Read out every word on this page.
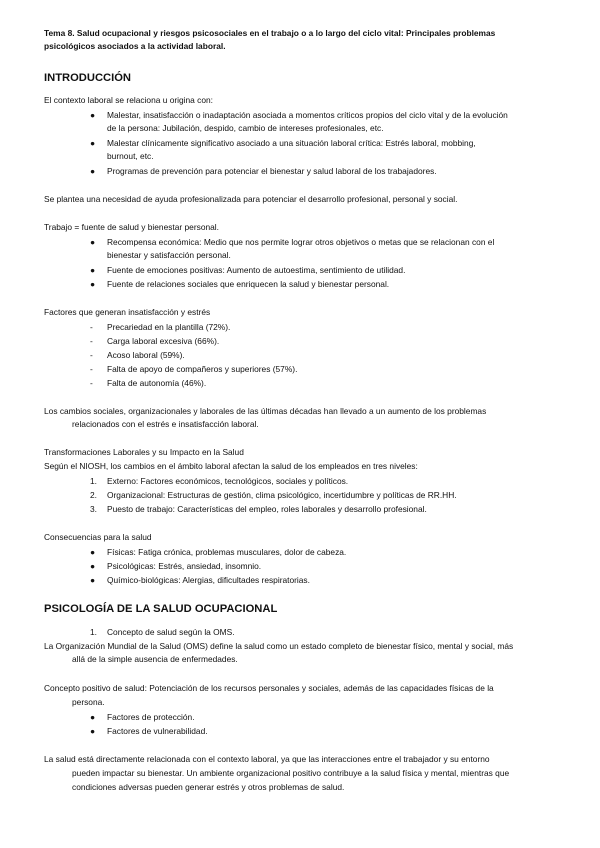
Tema 8. Salud ocupacional y riesgos psicosociales en el trabajo o a lo largo del ciclo vital: Principales problemas
psicológicos asociados a la actividad laboral.
INTRODUCCIÓN
El contexto laboral se relaciona u origina con:
●	Malestar, insatisfacción o inadaptación asociada a momentos críticos propios del ciclo vital y de la evolución
de la persona: Jubilación, despido, cambio de intereses profesionales, etc.
●	Malestar clínicamente significativo asociado a una situación laboral crítica: Estrés laboral, mobbing,
burnout, etc.
●	Programas de prevención para potenciar el bienestar y salud laboral de los trabajadores.
Se plantea una necesidad de ayuda profesionalizada para potenciar el desarrollo profesional, personal y social.
Trabajo = fuente de salud y bienestar personal.
●	Recompensa económica: Medio que nos permite lograr otros objetivos o metas que se relacionan con el
bienestar y satisfacción personal.
●	Fuente de emociones positivas: Aumento de autoestima, sentimiento de utilidad.
●	Fuente de relaciones sociales que enriquecen la salud y bienestar personal.
Factores que generan insatisfacción y estrés
-	Precariedad en la plantilla (72%).
-	Carga laboral excesiva (66%).
-	Acoso laboral (59%).
-	Falta de apoyo de compañeros y superiores (57%).
-	Falta de autonomía (46%).
Los cambios sociales, organizacionales y laborales de las últimas décadas han llevado a un aumento de los problemas
relacionados con el estrés e insatisfacción laboral.
Transformaciones Laborales y su Impacto en la Salud
Según el NIOSH, los cambios en el ámbito laboral afectan la salud de los empleados en tres niveles:
1.	Externo: Factores económicos, tecnológicos, sociales y políticos.
2.	Organizacional: Estructuras de gestión, clima psicológico, incertidumbre y políticas de RR.HH.
3.	Puesto de trabajo: Características del empleo, roles laborales y desarrollo profesional.
Consecuencias para la salud
●	Físicas: Fatiga crónica, problemas musculares, dolor de cabeza.
●	Psicológicas: Estrés, ansiedad, insomnio.
●	Químico-biológicas: Alergias, dificultades respiratorias.
PSICOLOGÍA DE LA SALUD OCUPACIONAL
1.	Concepto de salud según la OMS.
La Organización Mundial de la Salud (OMS) define la salud como un estado completo de bienestar físico, mental y social, más
allá de la simple ausencia de enfermedades.
Concepto positivo de salud: Potenciación de los recursos personales y sociales, además de las capacidades físicas de la
persona.
●	Factores de protección.
●	Factores de vulnerabilidad.
La salud está directamente relacionada con el contexto laboral, ya que las interacciones entre el trabajador y su entorno
pueden impactar su bienestar. Un ambiente organizacional positivo contribuye a la salud física y mental, mientras que
condiciones adversas pueden generar estrés y otros problemas de salud.
